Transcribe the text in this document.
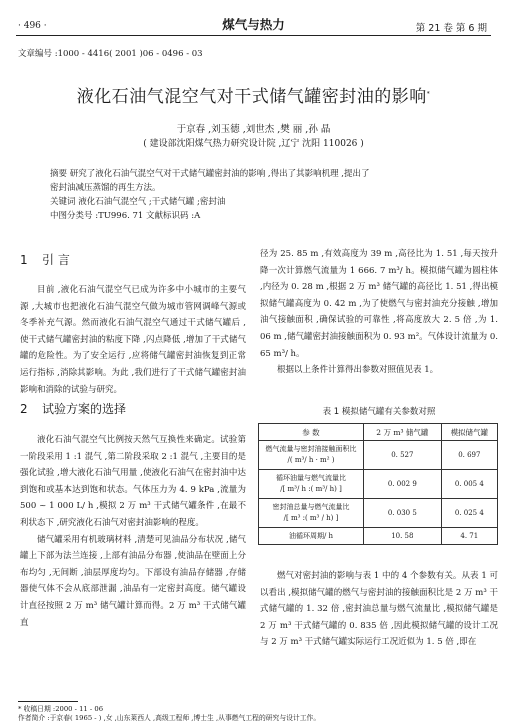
· 496 ·	煤气与热力	第 21 卷 第 6 期
文章编号 :1000 - 4416( 2001 )06 - 0496 - 03
液化石油气混空气对干式储气罐密封油的影响*
于京春 ,刘玉德 ,刘世杰 ,樊 丽 ,孙 晶
( 建设部沈阳煤气热力研究设计院 ,辽宁 沈阳 110026 )
摘要 研究了液化石油气混空气对干式储气罐密封油的影响 ,得出了其影响机理 ,提出了
密封油减压蒸馏的再生方法。
关键词 液化石油气混空气 ;干式储气罐 ;密封油
中图分类号 :TU996. 71 文献标识码 :A
1 引 言

目前 ,液化石油气混空气已成为许多中小城市的主要气源 ,大城市也把液化石油气混空气做为城市管网调峰气源或冬季补充气源。然而液化石油气混空气通过干式储气罐后 ,使干式储气罐密封油的粘度下降 ,闪点降低 ,增加了干式储气罐的危险性。为了安全运行 ,应将储气罐密封油恢复到正常运行指标 ,消除其影响。为此 ,我们进行了干式储气罐密封油影响和消除的试验与研究。

2 试验方案的选择

液化石油气混空气比例按天然气互换性来确定。试验第一阶段采用 1 :1 混气 ,第二阶段采取 2 :1 混气 ,主要目的是强化试验 ,增大液化石油气用量 ,使液化石油气在密封油中达到饱和或基本达到饱和状态。气体压力为 4. 9 kPa ,流量为 500 ~ 1 000 L/ h ,模拟 2 万 m³ 干式储气罐条件 ,在最不利状态下 ,研究液化石油气对密封油影响的程度。

储气罐采用有机玻璃材料 ,清楚可见油品分布状况 ,储气罐上下部为法兰连接 ,上部有油品分布器 ,使油品在壁面上分布均匀 ,无间断 ,油层厚度均匀。下部设有油品存储器 ,存储器使气体不会从底部泄漏 ,油品有一定密封高度。储气罐设计直径按照 2 万 m³ 储气罐计算而得。2 万 m³ 干式储气罐直

径为 25. 85 m ,有效高度为 39 m ,高径比为 1. 51 ,每天按升降一次计算燃气流量为 1 666. 7 m³/ h。模拟储气罐为圆柱体 ,内径为 0. 28 m ,根据 2 万 m³ 储气罐的高径比 1. 51 ,得出模拟储气罐高度为 0. 42 m ,为了使燃气与密封油充分接触 ,增加油气接触面积 ,确保试验的可靠性 ,将高度放大 2. 5 倍 ,为 1. 06 m ,储气罐密封油接触面积为 0. 93 m²。气体设计流量为 0. 65 m³/ h。

根据以上条件计算得出参数对照值见表 1。

表 1 模拟储气罐有关参数对照
参 数	2 万 m³ 储气罐	模拟储气罐

燃气流量与密封油接触面积比
/( m³/ h · m² )	0. 527	0. 697

循环油量与燃气流量比
/[ m³/ h :( m³/ h) ]	0. 002 9	0. 005 4

密封油总量与燃气流量比
/[ m³ :( m³ / h) ]	0. 030 5	0. 025 4

油循环周期/ h	10. 58	4. 71

燃气对密封油的影响与表 1 中的 4 个参数有关。从表 1 可以看出 ,模拟储气罐的燃气与密封油的接触面积比是 2 万 m³ 干式储气罐的 1. 32 倍 ,密封油总量与燃气流量比 ,模拟储气罐是 2 万 m³ 干式储气罐的 0. 835 倍 ,因此模拟储气罐的设计工况与 2 万 m³ 干式储气罐实际运行工况近似为 1. 5 倍 ,即在

* 收稿日期 :2000 - 11 - 06
作者简介 :于京春( 1965 - ) ,女 ,山东莱西人 ,高级工程师 ,博士生 ,从事燃气工程的研究与设计工作。
